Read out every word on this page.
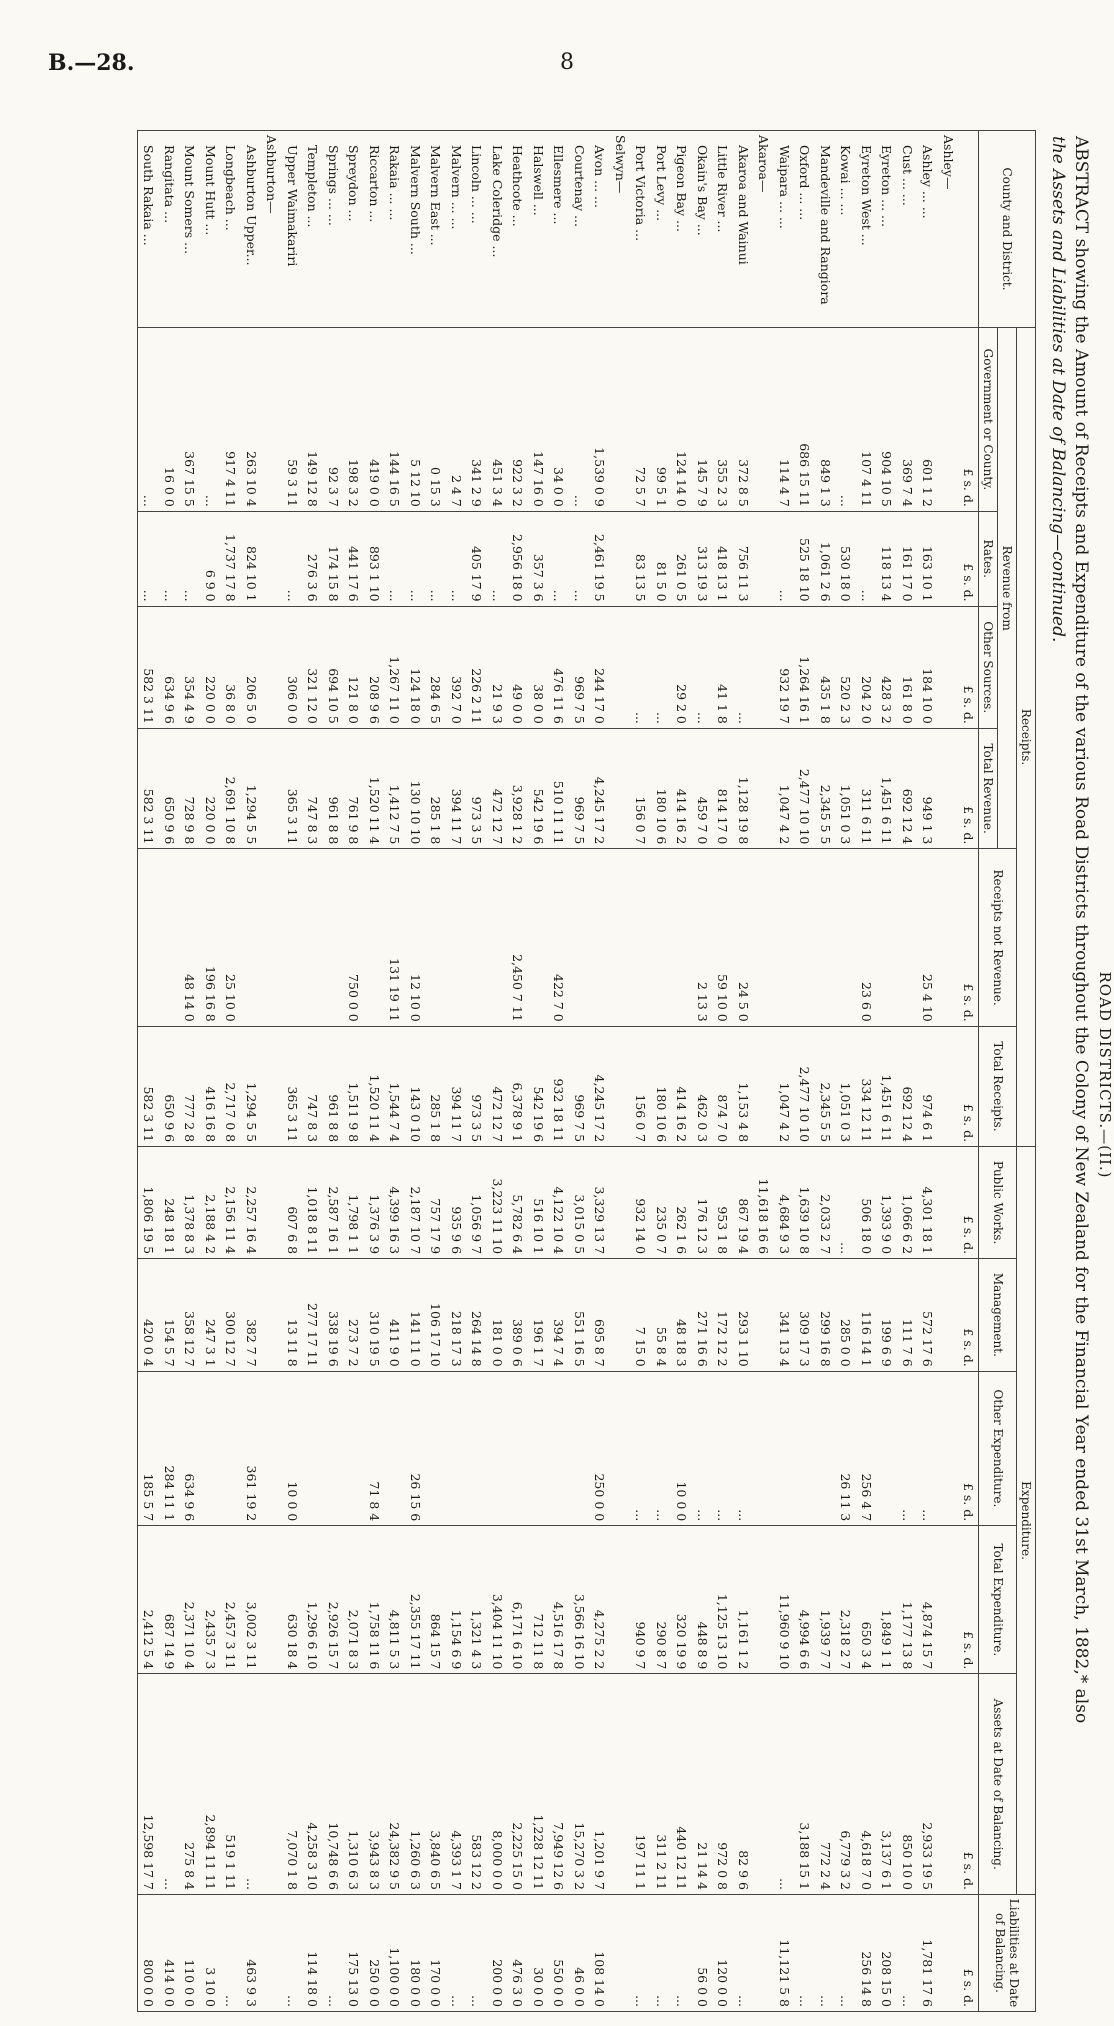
B.—28.	8

ROAD DISTRICTS.—(II.)

ABSTRACT showing the Amount of Receipts and Expenditure of the various Road Districts throughout the Colony of New Zealand for the Financial Year ended 31st March, 1882,* also
the Assets and Liabilities at Date of Balancing—continued.

County and District.	Receipts.						Expenditure.					Liabilities at Date of Balancing.
	Revenue from				Receipts not Revenue.	Total Receipts.	Public Works.	Management.	Other Expenditure.	Total Expenditure.	Assets at Date of Balancing.	
	Government or County.	Rates.	Other Sources.	Total Revenue.								
	£ s. d.	£ s. d.	£ s. d.	£ s. d.	£ s. d.	£ s. d.	£ s. d.	£ s. d.	£ s. d.	£ s. d.	£ s. d.	£ s. d.
Ashley—												
Ashley ... ...	601 1 2	163 10 1	184 10 0	949 1 3	25 4 10	974 6 1	4,301 18 1	572 17 6	...	4,874 15 7	2,933 19 5	1,781 17 6
Cust ... ...	369 7 4	161 17 0	161 8 0	692 12 4		692 12 4	1,066 6 2	111 7 6	...	1,177 13 8	850 10 0	...
Eyreton ... ...	904 10 5	118 13 4	428 3 2	1,451 6 11		1,451 6 11	1,393 9 0	199 6 9		1,849 1 1	3,137 6 1	208 15 0
Eyreton West ...	107 4 11	...	204 2 0	311 6 11	23 6 0	334 12 11	506 18 0	116 14 1	256 4 7	650 3 4	4,618 7 0	256 14 8
Kowai ... ...	...	530 18 0	520 2 3	1,051 0 3		1,051 0 3	...	285 0 0	26 11 3	2,318 2 7	6,779 3 2	...
Mandeville and Rangiora	849 1 3	1,061 2 6	435 1 8	2,345 5 5		2,345 5 5	2,033 2 7	299 16 8		1,939 7 7	772 2 4	...
Oxford ... ...	686 15 11	525 18 10	1,264 16 1	2,477 10 10		2,477 10 10	1,639 10 8	309 17 3		4,994 6 6	3,188 15 1	...
Waipara ... ...	114 4 7	...	932 19 7	1,047 4 2		1,047 4 2	4,684 9 3	341 13 4		11,960 9 10	...	11,121 5 8
Akaroa—							11,618 16 6					
Akaroa and Wainui	372 8 5	756 11 3	...	1,128 19 8	24 5 0	1,153 4 8	867 19 4	293 1 10	...	1,161 1 2	82 9 6	...
Little River ...	355 2 3	418 13 1	41 1 8	814 17 0	59 10 0	874 7 0	953 1 8	172 12 2	...	1,125 13 10	972 0 8	120 0 0
Okain's Bay ...	145 7 9	313 19 3	...	459 7 0	2 13 3	462 0 3	176 12 3	271 16 6	...	448 8 9	21 14 4	56 0 0
Pigeon Bay ...	124 14 0	261 0 5	29 2 0	414 16 2		414 16 2	262 1 6	48 18 3	10 0 0	320 19 9	440 12 11	...
Port Levy ...	99 5 1	81 5 0	...	180 10 6		180 10 6	235 0 7	55 8 4	...	290 8 7	311 2 11	...
Port Victoria ...	72 5 7	83 13 5	...	156 0 7		156 0 7	932 14 0	7 15 0	...	940 9 7	197 11 1	...
Selwyn—												
Avon ... ...	1,539 0 9	2,461 19 5	244 17 0	4,245 17 2		4,245 17 2	3,329 13 7	695 8 7	250 0 0	4,275 2 2	1,201 9 7	108 14 0
Courtenay ...	...	...	969 7 5	969 7 5		969 7 5	3,015 0 5	551 16 5		3,566 16 10	15,270 3 2	46 0 0
Ellesmere ...	34 0 0	...	476 11 6	510 11 11	422 7 0	932 18 11	4,122 10 4	394 7 4		4,516 17 8	7,949 12 6	550 0 0
Halswell ...	147 16 0	357 3 6	38 0 0	542 19 6		542 19 6	516 10 1	196 1 7		712 11 8	1,228 12 11	30 0 0
Heathcote ...	922 3 2	2,956 18 0	49 0 0	3,928 1 2	2,450 7 11	6,378 9 1	5,782 6 4	389 0 6		6,171 6 10	2,225 15 0	476 3 0
Lake Coleridge ...	451 3 4	...	21 9 3	472 12 7		472 12 7	3,223 11 10	181 0 0		3,404 11 10	8,000 0 0	200 0 0
Lincoln ... ...	341 2 9	405 17 9	226 2 11	973 3 5		973 3 5	1,056 9 7	264 14 8		1,321 4 3	583 12 2	...
Malvern ... ...	2 4 7	...	392 7 0	394 11 7		394 11 7	935 9 6	218 17 3		1,154 6 9	4,393 1 7	...
Malvern East ...	0 15 3	...	284 6 5	285 1 8		285 1 8	757 17 9	106 17 10		864 15 7	3,840 6 5	170 0 0
Malvern South ...	5 12 10	...	124 18 0	130 10 10	12 10 0	143 0 10	2,187 10 7	141 11 0	26 15 6	2,355 17 11	1,260 6 3	180 0 0
Rakaia ... ...	144 16 5	...	1,267 11 0	1,412 7 5	131 19 11	1,544 7 4	4,399 16 3	411 9 0		4,811 5 3	24,382 9 5	1,100 0 0
Riccarton ...	419 0 0	893 1 10	208 9 6	1,520 11 4		1,520 11 4	1,376 3 9	310 19 5	71 8 4	1,758 11 6	3,943 8 3	250 0 0
Spreydon ...	198 3 2	441 17 6	121 8 0	761 9 8	750 0 0	1,511 9 8	1,798 1 1	273 7 2		2,071 8 3	1,310 6 3	175 13 0
Springs ... ...	92 3 7	174 15 8	694 10 5	961 8 8		961 8 8	2,587 16 1	338 19 6		2,926 15 7	10,748 6 6	...
Templeton ...	149 12 8	276 3 6	321 12 0	747 8 3		747 8 3	1,018 8 11	277 17 11		1,296 6 10	4,258 3 10	114 18 0
Upper Waimakariri	59 3 11	...	306 0 0	365 3 11		365 3 11	607 6 8	13 11 8	10 0 0	630 18 4	7,070 1 8	...
Ashburton—												
Ashburton Upper...	263 10 4	824 10 1	206 5 0	1,294 5 5		1,294 5 5	2,257 16 4	382 7 7	361 19 2	3,002 3 11	...	463 9 3
Longbeach ...	917 4 11	1,737 17 8	36 8 0	2,691 10 8	25 10 0	2,717 0 8	2,156 11 4	300 12 7		2,457 3 11	519 1 11	...
Mount Hutt ...	...	6 9 0	220 0 0	220 0 0	196 16 8	416 16 8	2,188 4 2	247 3 1		2,435 7 3	2,894 11 11	3 10 0
Mount Somers ...	367 15 5	...	354 4 9	728 9 8	48 14 0	777 2 8	1,378 8 3	358 12 7	634 9 6	2,371 10 4	275 8 4	110 0 0
Rangitata ...	16 0 0	...	634 9 6	650 9 6		650 9 6	248 18 1	154 5 7	284 11 1	687 14 9	...	414 0 0
South Rakaia ...	...	...	582 3 11	582 3 11		582 3 11	1,806 19 5	420 0 4	185 5 7	2,412 5 4	12,598 17 7	800 0 0
